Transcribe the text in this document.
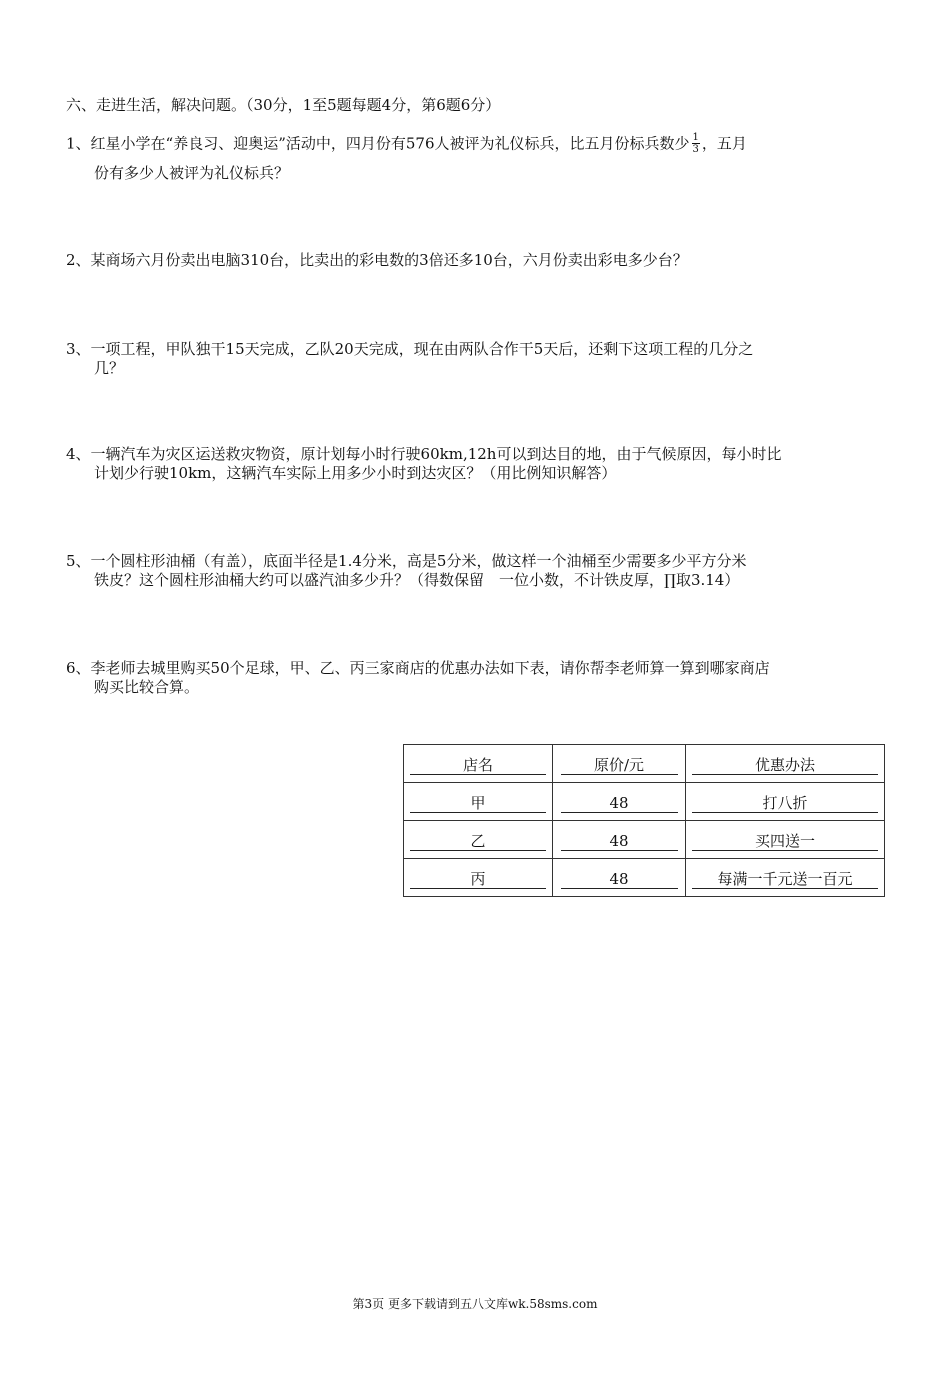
六、走进生活，解决问题。（30分，1至5题每题4分，第6题6分）
1、红星小学在“养良习、迎奥运”活动中，四月份有576人被评为礼仪标兵，比五月份标兵数少 $\frac{1}{3}$ ，五月
份有多少人被评为礼仪标兵？
2、某商场六月份卖出电脑310台，比卖出的彩电数的3倍还多10台，六月份卖出彩电多少台？
3、一项工程，甲队独干15天完成，乙队20天完成，现在由两队合作干5天后，还剩下这项工程的几分之
几？
4、一辆汽车为灾区运送救灾物资，原计划每小时行驶60km,12h可以到达目的地，由于气候原因，每小时比
计划少行驶10km，这辆汽车实际上用多少小时到达灾区？（用比例知识解答）
5、一个圆柱形油桶（有盖），底面半径是1.4分米，高是5分米，做这样一个油桶至少需要多少平方分米
铁皮？这个圆柱形油桶大约可以盛汽油多少升？（得数保留　一位小数，不计铁皮厚，∏取3.14）
6、李老师去城里购买50个足球，甲、乙、丙三家商店的优惠办法如下表，请你帮李老师算一算到哪家商店
购买比较合算。
店名	原价/元	优惠办法
甲	48	打八折
乙	48	买四送一
丙	48	每满一千元送一百元
第3页 更多下载请到五八文库wk.58sms.com
